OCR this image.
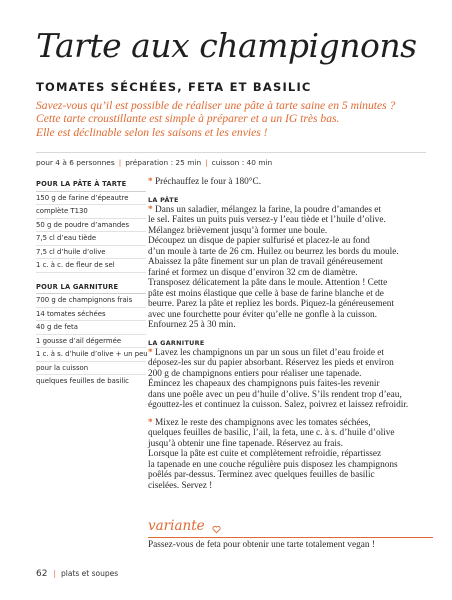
Tarte aux champignons
TOMATES SÉCHÉES, FETA ET BASILIC
Savez-vous qu’il est possible de réaliser une pâte à tarte saine en 5 minutes ?
Cette tarte croustillante est simple à préparer et a un IG très bas.
Elle est déclinable selon les saisons et les envies !
pour 4 à 6 personnes | préparation : 25 min | cuisson : 40 min
POUR LA PÂTE À TARTE
150 g de farine d’épeautre
complète T130
50 g de poudre d’amandes
7,5 cl d’eau tiède
7,5 cl d’huile d’olive
1 c. à c. de fleur de sel
POUR LA GARNITURE
700 g de champignons frais
14 tomates séchées
40 g de feta
1 gousse d’ail dégermée
1 c. à s. d’huile d’olive + un peu
pour la cuisson
quelques feuilles de basilic
* Préchauffez le four à 180°C.
LA PÂTE
* Dans un saladier, mélangez la farine, la poudre d’amandes et
le sel. Faites un puits puis versez-y l’eau tiède et l’huile d’olive.
Mélangez brièvement jusqu’à former une boule.
Découpez un disque de papier sulfurisé et placez-le au fond
d’un moule à tarte de 26 cm. Huilez ou beurrez les bords du moule.
Abaissez la pâte finement sur un plan de travail généreusement
fariné et formez un disque d’environ 32 cm de diamètre.
Transposez délicatement la pâte dans le moule. Attention ! Cette
pâte est moins élastique que celle à base de farine blanche et de
beurre. Parez la pâte et repliez les bords. Piquez-la généreusement
avec une fourchette pour éviter qu’elle ne gonfle à la cuisson.
Enfournez 25 à 30 min.
LA GARNITURE
* Lavez les champignons un par un sous un filet d’eau froide et
déposez-les sur du papier absorbant. Réservez les pieds et environ
200 g de champignons entiers pour réaliser une tapenade.
Émincez les chapeaux des champignons puis faites-les revenir
dans une poêle avec un peu d’huile d’olive. S’ils rendent trop d’eau,
égouttez-les et continuez la cuisson. Salez, poivrez et laissez refroidir.
* Mixez le reste des champignons avec les tomates séchées,
quelques feuilles de basilic, l’ail, la feta, une c. à s. d’huile d’olive
jusqu’à obtenir une fine tapenade. Réservez au frais.
Lorsque la pâte est cuite et complètement refroidie, répartissez
la tapenade en une couche régulière puis disposez les champignons
poêlés par-dessus. Terminez avec quelques feuilles de basilic
ciselées. Servez !
variante
Passez-vous de feta pour obtenir une tarte totalement vegan !
62 | plats et soupes
